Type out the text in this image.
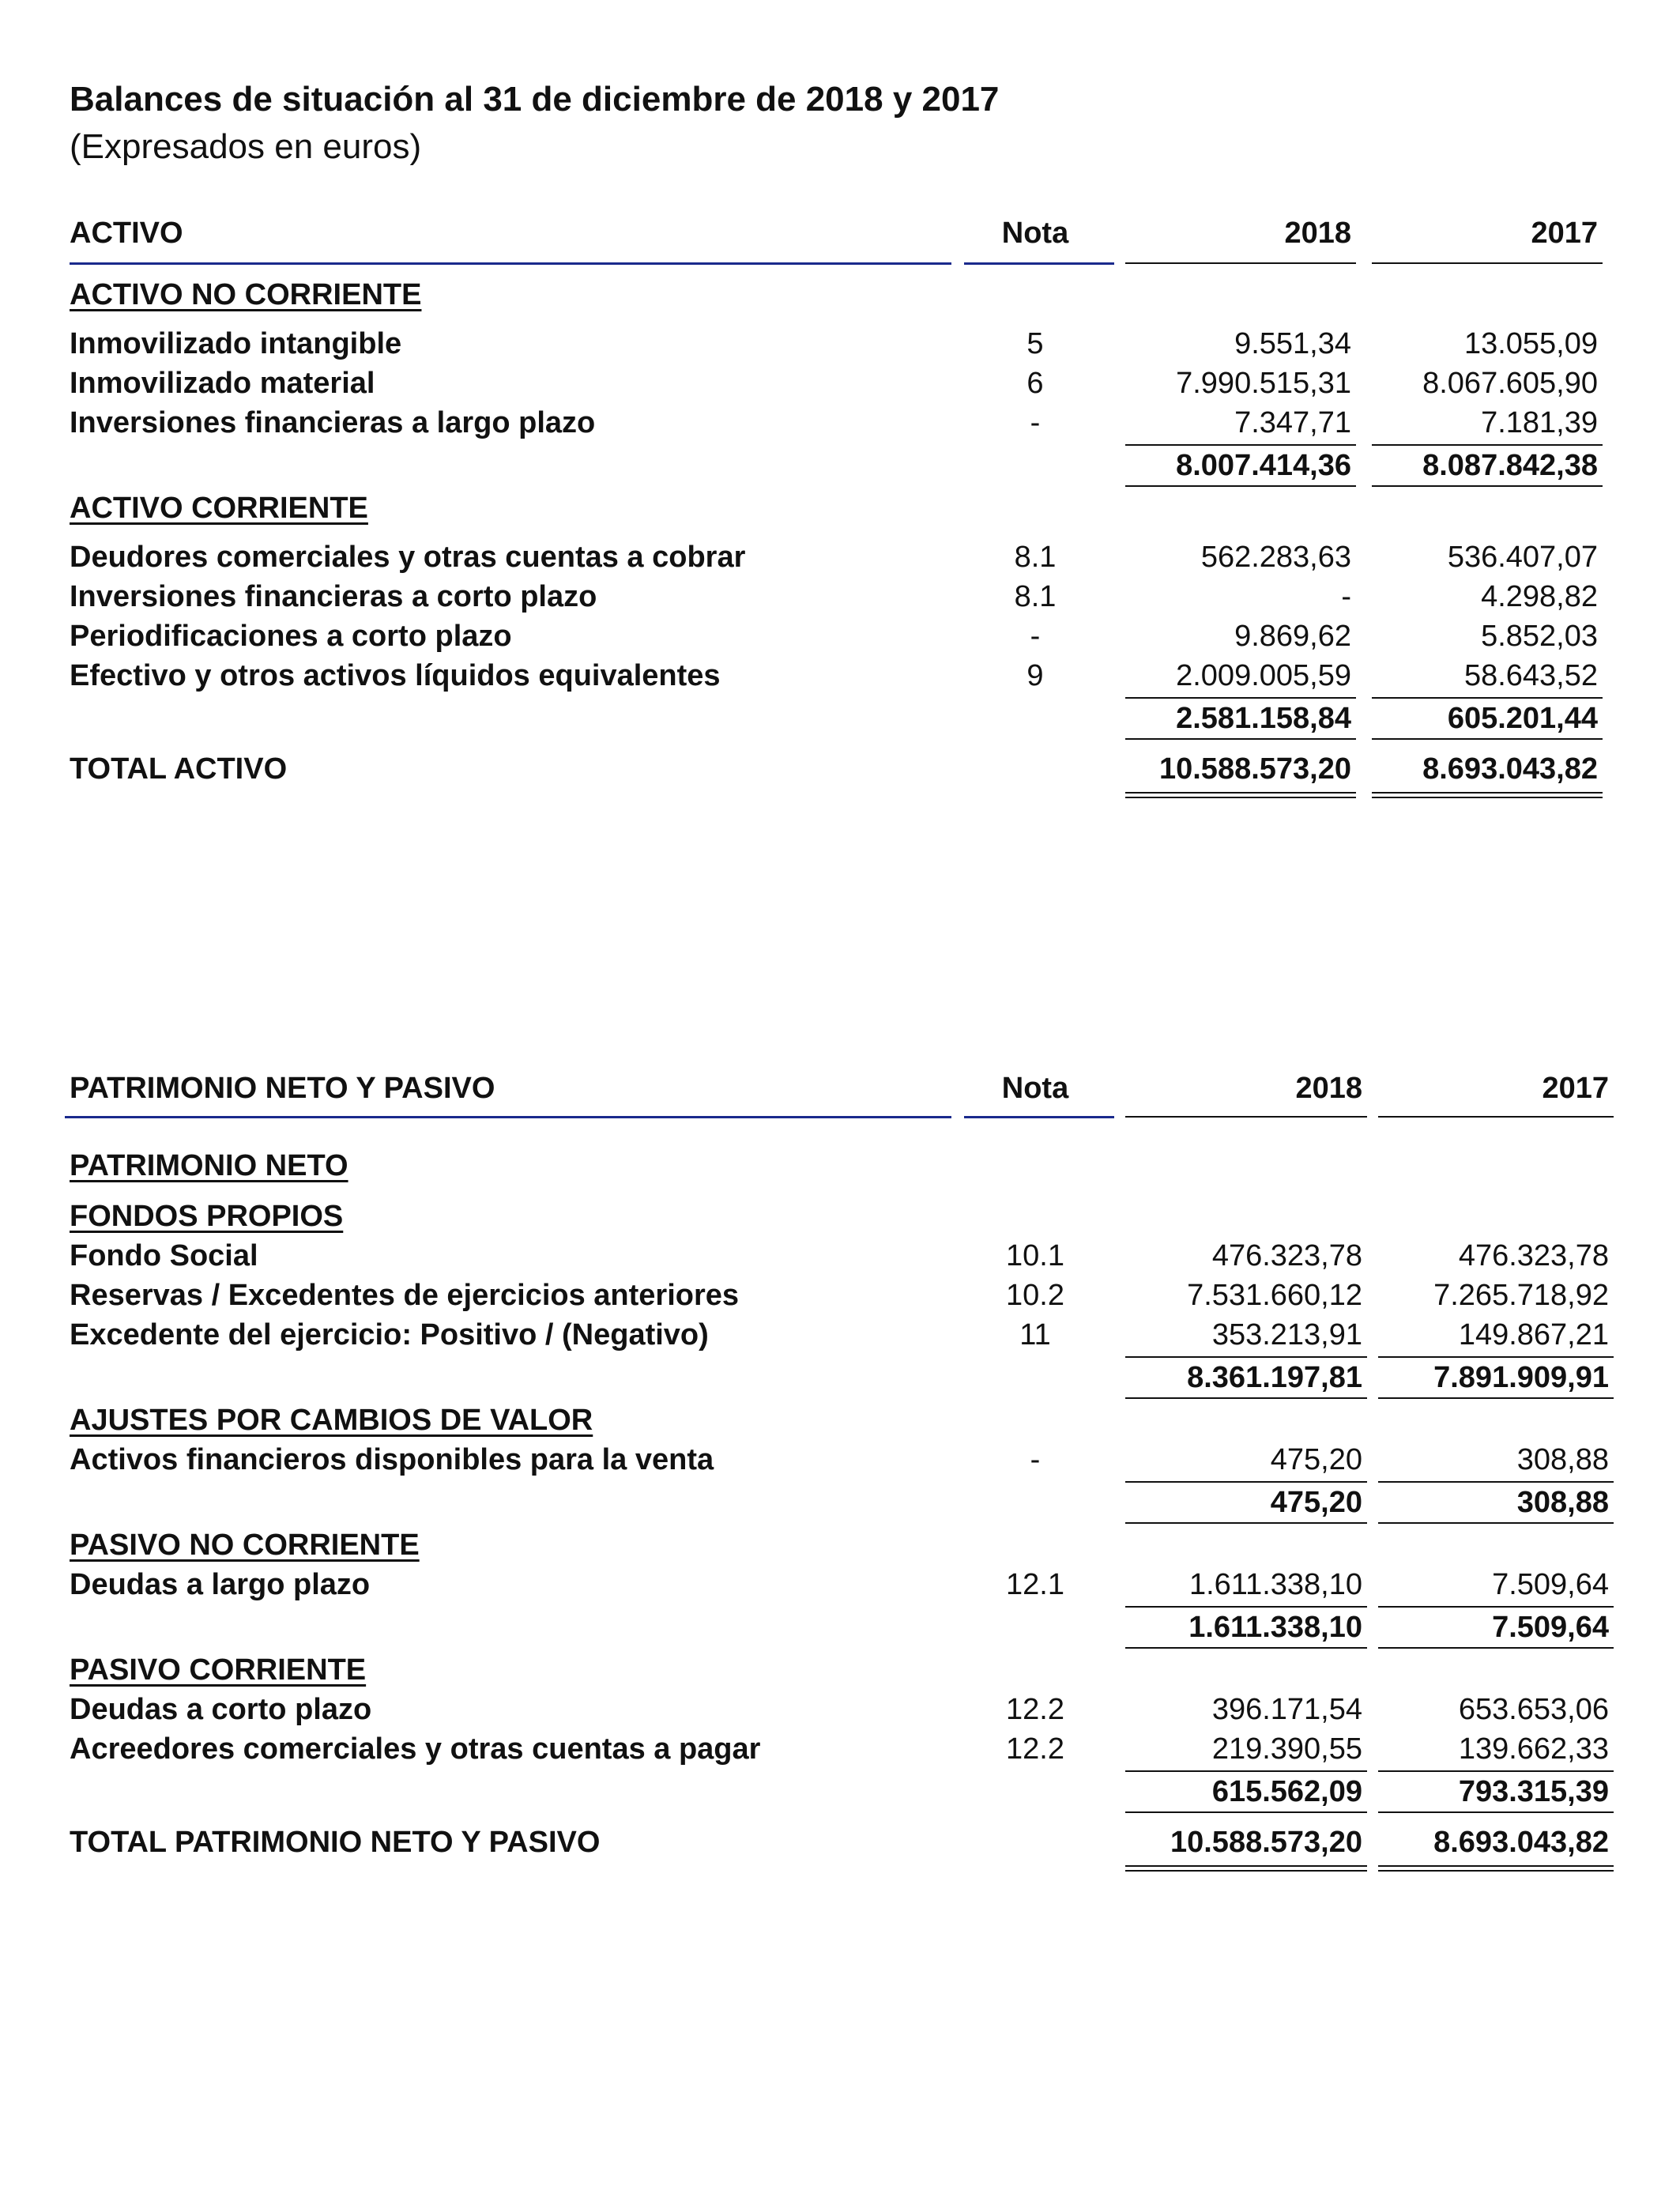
Balances de situación al 31 de diciembre de 2018 y 2017
(Expresados en euros)
ACTIVO	Nota	2018	2017
ACTIVO NO CORRIENTE
Inmovilizado intangible	5	9.551,34	13.055,09
Inmovilizado material	6	7.990.515,31 8.067.605,90
Inversiones financieras a largo plazo	-	7.347,71	7.181,39
8.007.414,36 8.087.842,38
ACTIVO CORRIENTE
Deudores comerciales y otras cuentas a cobrar	8.1	562.283,63	536.407,07
Inversiones financieras a corto plazo	8.1	-	4.298,82
Periodificaciones a corto plazo	-	9.869,62	5.852,03
Efectivo y otros activos líquidos equivalentes	9	2.009.005,59	58.643,52
2.581.158,84	605.201,44
TOTAL ACTIVO	10.588.573,20 8.693.043,82
PATRIMONIO NETO Y PASIVO	Nota	2018	2017
PATRIMONIO NETO
FONDOS PROPIOS
Fondo Social	10.1	476.323,78	476.323,78
Reservas / Excedentes de ejercicios anteriores	10.2	7.531.660,12 7.265.718,92
Excedente del ejercicio: Positivo / (Negativo)	11	353.213,91	149.867,21
8.361.197,81 7.891.909,91
AJUSTES POR CAMBIOS DE VALOR
Activos financieros disponibles para la venta	-	475,20	308,88
475,20	308,88
PASIVO NO CORRIENTE
Deudas a largo plazo	12.1	1.611.338,10	7.509,64
1.611.338,10	7.509,64
PASIVO CORRIENTE
Deudas a corto plazo	12.2	396.171,54	653.653,06
Acreedores comerciales y otras cuentas a pagar	12.2	219.390,55	139.662,33
615.562,09	793.315,39
TOTAL PATRIMONIO NETO Y PASIVO	10.588.573,20 8.693.043,82
